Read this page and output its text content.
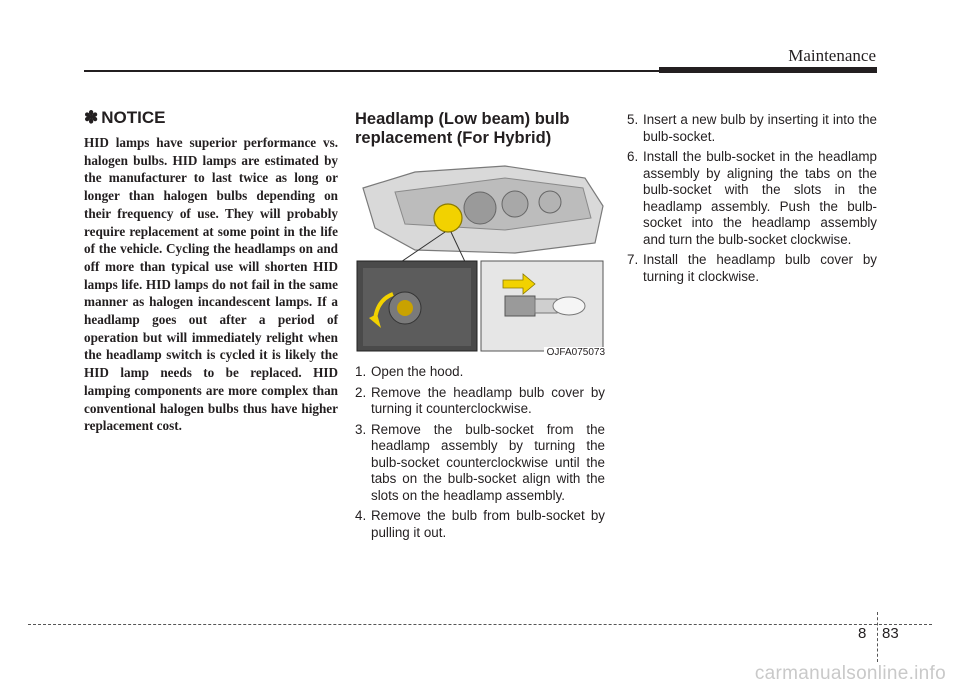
Maintenance
✽ NOTICE

HID lamps have superior performance vs. halogen bulbs. HID lamps are estimated by the manufacturer to last twice as long or longer than halogen bulbs depending on their frequency of use. They will probably require replacement at some point in the life of the vehicle. Cycling the headlamps on and off more than typical use will shorten HID lamps life. HID lamps do not fail in the same manner as halogen incandescent lamps. If a headlamp goes out after a period of operation but will immediately relight when the headlamp switch is cycled it is likely the HID lamp needs to be replaced. HID lamping components are more complex than conventional halogen bulbs thus have higher replacement cost.

Headlamp (Low beam) bulb replacement (For Hybrid)
OJFA075073
1. Open the hood.
2. Remove the headlamp bulb cover by turning it counterclockwise.
3. Remove the bulb-socket from the headlamp assembly by turning the bulb-socket counterclockwise until the tabs on the bulb-socket align with the slots on the headlamp assembly.
4. Remove the bulb from bulb-socket by pulling it out.
5. Insert a new bulb by inserting it into the bulb-socket.
6. Install the bulb-socket in the headlamp assembly by aligning the tabs on the bulb-socket with the slots in the headlamp assembly. Push the bulb-socket into the headlamp assembly and turn the bulb-socket clockwise.
7. Install the headlamp bulb cover by turning it clockwise.
8 83
carmanualsonline.info
